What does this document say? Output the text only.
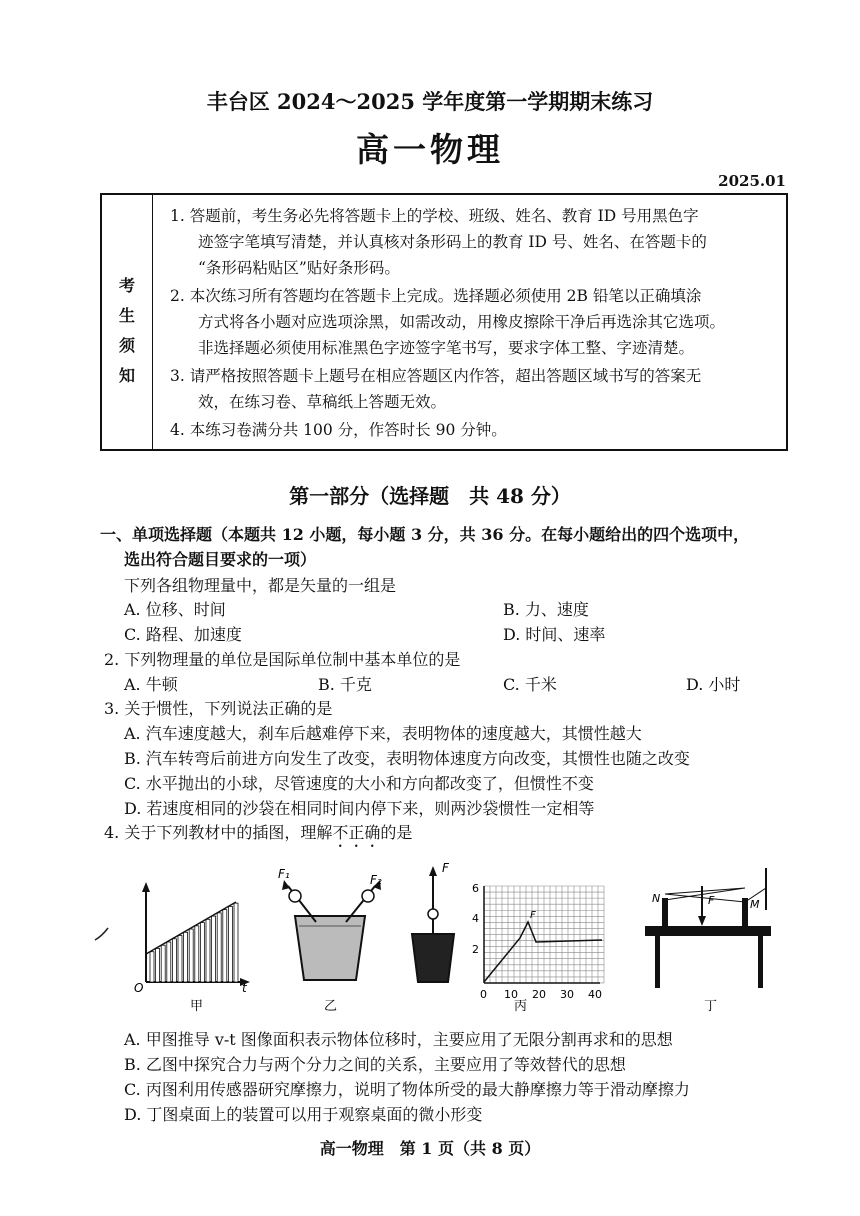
丰台区 2024～2025 学年度第一学期期末练习
高一物理
2025.01
考生须知
1. 答题前，考生务必先将答题卡上的学校、班级、姓名、教育 ID 号用黑色字
迹签字笔填写清楚，并认真核对条形码上的教育 ID 号、姓名、在答题卡的
“条形码粘贴区”贴好条形码。
2. 本次练习所有答题均在答题卡上完成。选择题必须使用 2B 铅笔以正确填涂
方式将各小题对应选项涂黑，如需改动，用橡皮擦除干净后再选涂其它选项。
非选择题必须使用标准黑色字迹签字笔书写，要求字体工整、字迹清楚。
3. 请严格按照答题卡上题号在相应答题区内作答，超出答题区域书写的答案无
效，在练习卷、草稿纸上答题无效。
4. 本练习卷满分共 100 分，作答时长 90 分钟。
第一部分（选择题　共 48 分）
一、单项选择题（本题共 12 小题，每小题 3 分，共 36 分。在每小题给出的四个选项中，
选出符合题目要求的一项）
下列各组物理量中，都是矢量的一组是
A. 位移、时间	B. 力、速度
C. 路程、加速度	D. 时间、速率
2. 下列物理量的单位是国际单位制中基本单位的是
A. 牛顿	B. 千克	C. 千米	D. 小时
3. 关于惯性，下列说法正确的是
A. 汽车速度越大，刹车后越难停下来，表明物体的速度越大，其惯性越大
B. 汽车转弯后前进方向发生了改变，表明物体速度方向改变，其惯性也随之改变
C. 水平抛出的小球，尽管速度的大小和方向都改变了，但惯性不变
D. 若速度相同的沙袋在相同时间内停下来，则两沙袋惯性一定相等
4. 关于下列教材中的插图，理解不正确的是
O	t
甲
F₁	F₂
乙
F
F
6
4
2
0 10 20 30 40
丙
N	M
F
丁
A. 甲图推导 v-t 图像面积表示物体位移时，主要应用了无限分割再求和的思想
B. 乙图中探究合力与两个分力之间的关系，主要应用了等效替代的思想
C. 丙图利用传感器研究摩擦力，说明了物体所受的最大静摩擦力等于滑动摩擦力
D. 丁图桌面上的装置可以用于观察桌面的微小形变
高一物理　第 1 页（共 8 页）
